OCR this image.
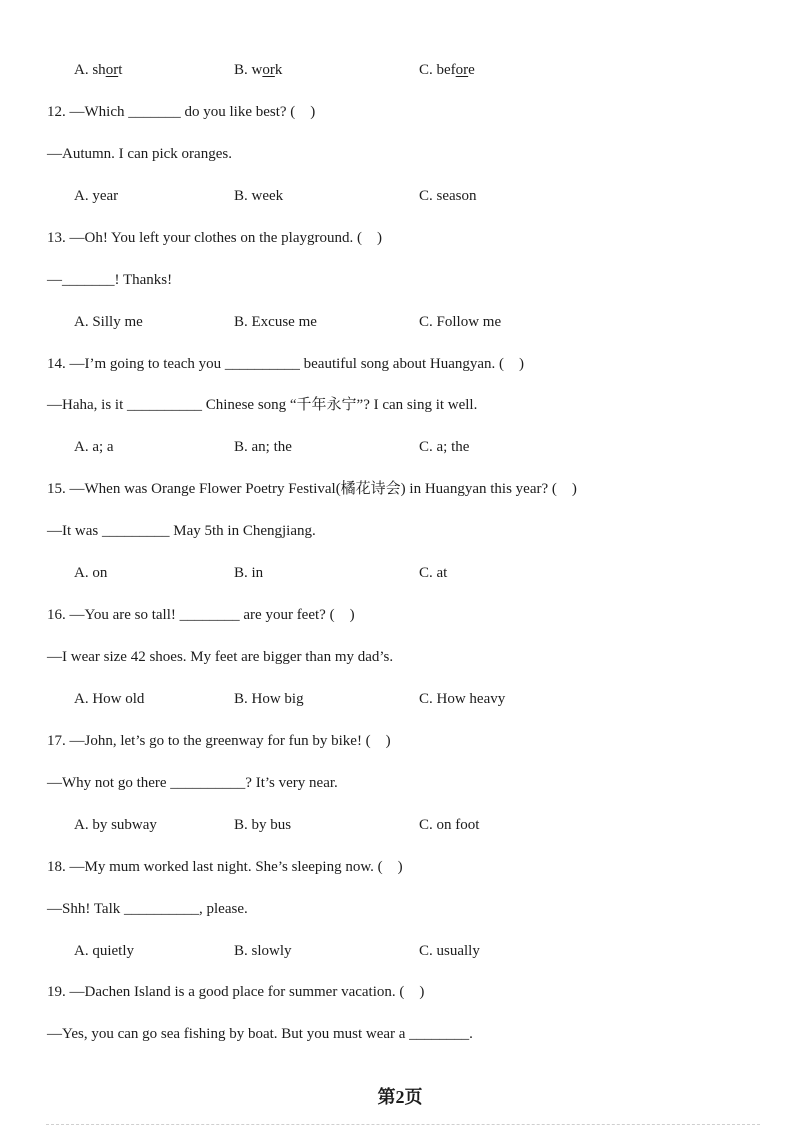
A. short	B. work	C. before
12. —Which _______ do you like best? (    )
—Autumn. I can pick oranges.
A. year	B. week	C. season
13. —Oh! You left your clothes on the playground. (    )
—_______! Thanks!
A. Silly me	B. Excuse me	C. Follow me
14. —I’m going to teach you __________ beautiful song about Huangyan. (    )
—Haha, is it __________ Chinese song “千年永宁”? I can sing it well.
A. a; a	B. an; the	C. a; the
15. —When was Orange Flower Poetry Festival(橘花诗会) in Huangyan this year? (    )
—It was _________ May 5th in Chengjiang.
A. on	B. in	C. at
16. —You are so tall! ________ are your feet? (    )
—I wear size 42 shoes. My feet are bigger than my dad’s.
A. How old	B. How big	C. How heavy
17. —John, let’s go to the greenway for fun by bike! (    )
—Why not go there __________? It’s very near.
A. by subway	B. by bus	C. on foot
18. —My mum worked last night. She’s sleeping now. (    )
—Shh! Talk __________, please.
A. quietly	B. slowly	C. usually
19. —Dachen Island is a good place for summer vacation. (    )
—Yes, you can go sea fishing by boat. But you must wear a ________.
第2页
